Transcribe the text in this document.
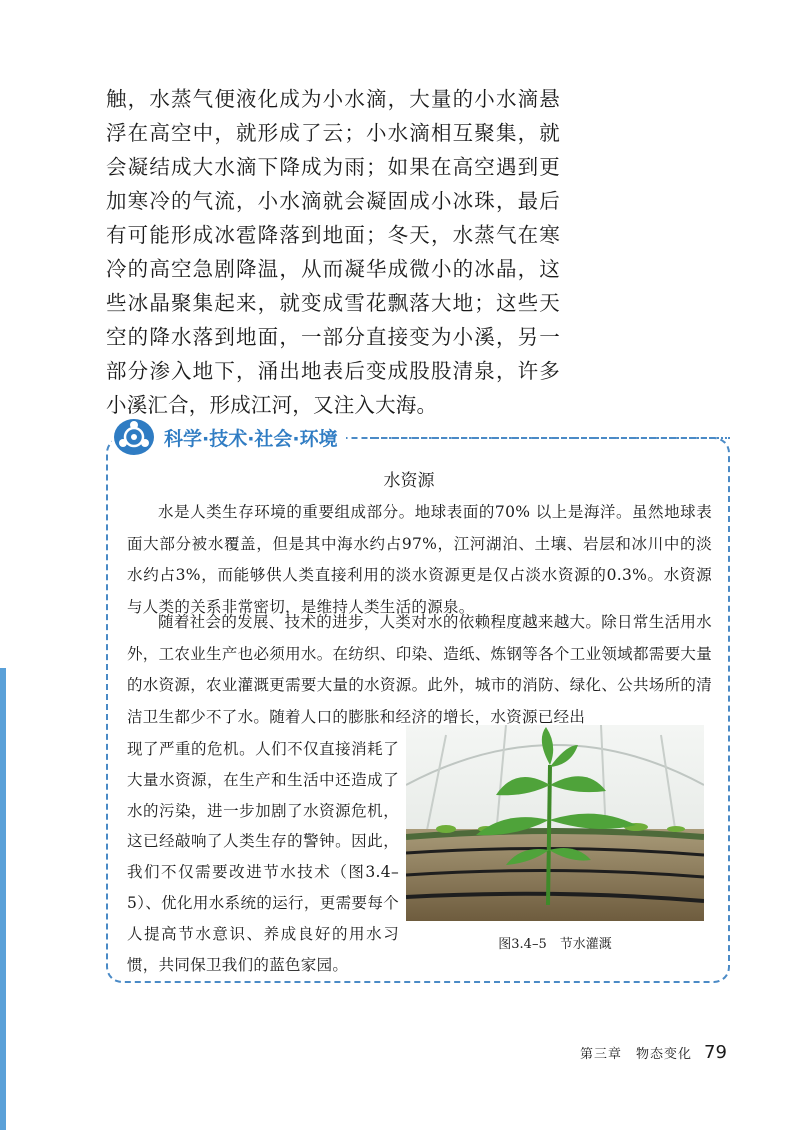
触，水蒸气便液化成为小水滴，大量的小水滴悬浮在高空中，就形成了云；小水滴相互聚集，就会凝结成大水滴下降成为雨；如果在高空遇到更加寒冷的气流，小水滴就会凝固成小冰珠，最后有可能形成冰雹降落到地面；冬天，水蒸气在寒冷的高空急剧降温，从而凝华成微小的冰晶，这些冰晶聚集起来，就变成雪花飘落大地；这些天空的降水落到地面，一部分直接变为小溪，另一部分渗入地下，涌出地表后变成股股清泉，许多小溪汇合，形成江河，又注入大海。

科学·技术·社会·环境
水资源

水是人类生存环境的重要组成部分。地球表面的70% 以上是海洋。虽然地球表面大部分被水覆盖，但是其中海水约占97%，江河湖泊、土壤、岩层和冰川中的淡水约占3%，而能够供人类直接利用的淡水资源更是仅占淡水资源的0.3%。水资源与人类的关系非常密切，是维持人类生活的源泉。

随着社会的发展、技术的进步，人类对水的依赖程度越来越大。除日常生活用水外，工农业生产也必须用水。在纺织、印染、造纸、炼钢等各个工业领域都需要大量的水资源，农业灌溉更需要大量的水资源。此外，城市的消防、绿化、公共场所的清洁卫生都少不了水。随着人口的膨胀和经济的增长，水资源已经出

现了严重的危机。人们不仅直接消耗了大量水资源，在生产和生活中还造成了水的污染，进一步加剧了水资源危机，这已经敲响了人类生存的警钟。因此，我们不仅需要改进节水技术（图3.4–5）、优化用水系统的运行，更需要每个人提高节水意识、养成良好的用水习惯，共同保卫我们的蓝色家园。

图3.4–5　节水灌溉

第三章　物态变化 79
